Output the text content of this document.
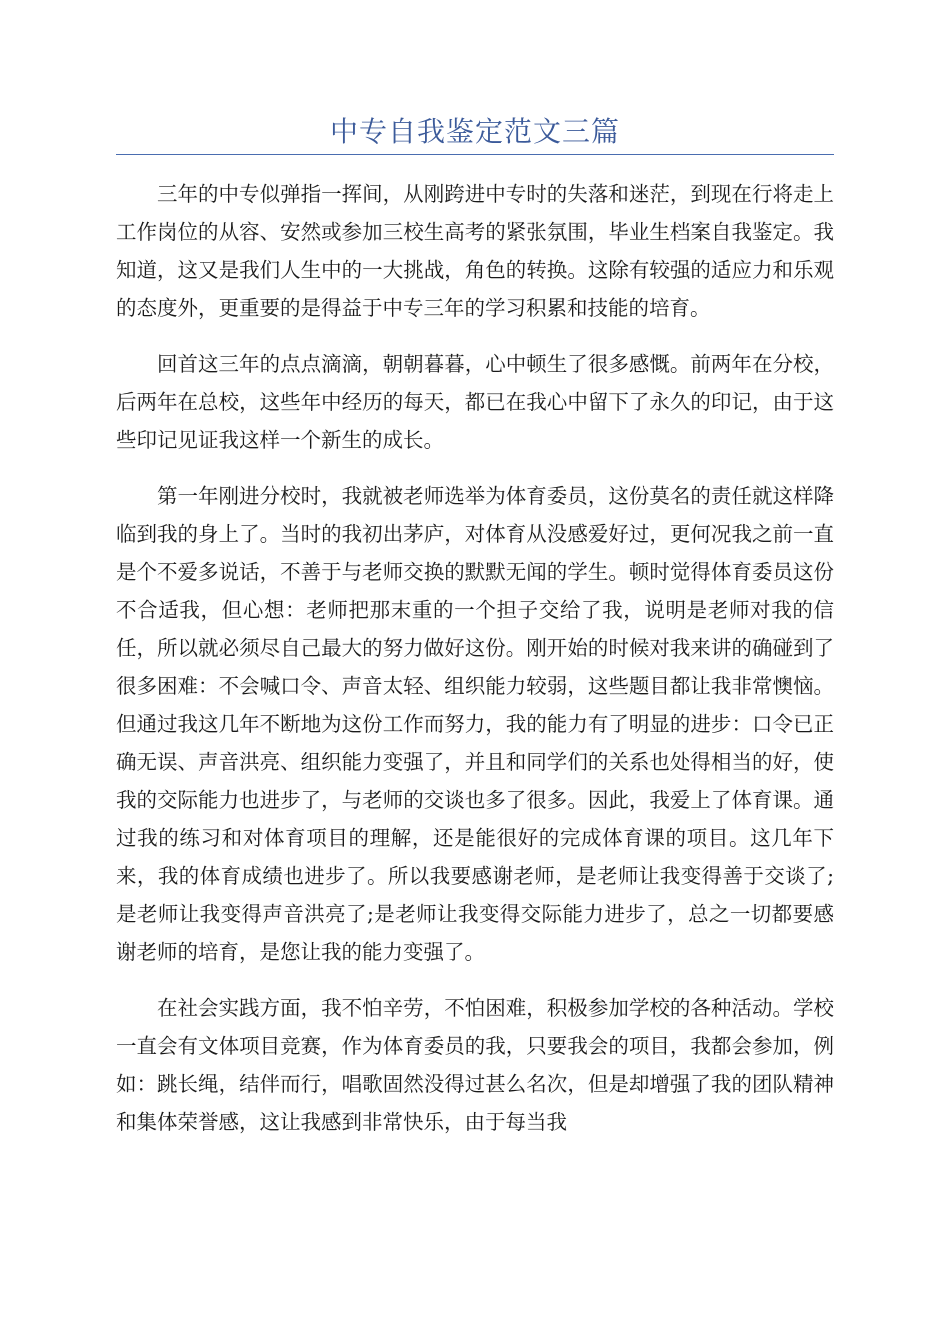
中专自我鉴定范文三篇

三年的中专似弹指一挥间，从刚跨进中专时的失落和迷茫，到现在行将走上工作岗位的从容、安然或参加三校生高考的紧张氛围，毕业生档案自我鉴定。我知道，这又是我们人生中的一大挑战，角色的转换。这除有较强的适应力和乐观的态度外，更重要的是得益于中专三年的学习积累和技能的培育。

回首这三年的点点滴滴，朝朝暮暮，心中顿生了很多感慨。前两年在分校，后两年在总校，这些年中经历的每天，都已在我心中留下了永久的印记，由于这些印记见证我这样一个新生的成长。

第一年刚进分校时，我就被老师选举为体育委员，这份莫名的责任就这样降临到我的身上了。当时的我初出茅庐，对体育从没感爱好过，更何况我之前一直是个不爱多说话，不善于与老师交换的默默无闻的学生。顿时觉得体育委员这份不合适我，但心想：老师把那末重的一个担子交给了我，说明是老师对我的信任，所以就必须尽自己最大的努力做好这份。刚开始的时候对我来讲的确碰到了很多困难：不会喊口令、声音太轻、组织能力较弱，这些题目都让我非常懊恼。但通过我这几年不断地为这份工作而努力，我的能力有了明显的进步：口令已正确无误、声音洪亮、组织能力变强了，并且和同学们的关系也处得相当的好，使我的交际能力也进步了，与老师的交谈也多了很多。因此，我爱上了体育课。通过我的练习和对体育项目的理解，还是能很好的完成体育课的项目。这几年下来，我的体育成绩也进步了。所以我要感谢老师，是老师让我变得善于交谈了;是老师让我变得声音洪亮了;是老师让我变得交际能力进步了，总之一切都要感谢老师的培育，是您让我的能力变强了。

在社会实践方面，我不怕辛劳，不怕困难，积极参加学校的各种活动。学校一直会有文体项目竞赛，作为体育委员的我，只要我会的项目，我都会参加，例如：跳长绳，结伴而行，唱歌固然没得过甚么名次，但是却增强了我的团队精神和集体荣誉感，这让我感到非常快乐，由于每当我
